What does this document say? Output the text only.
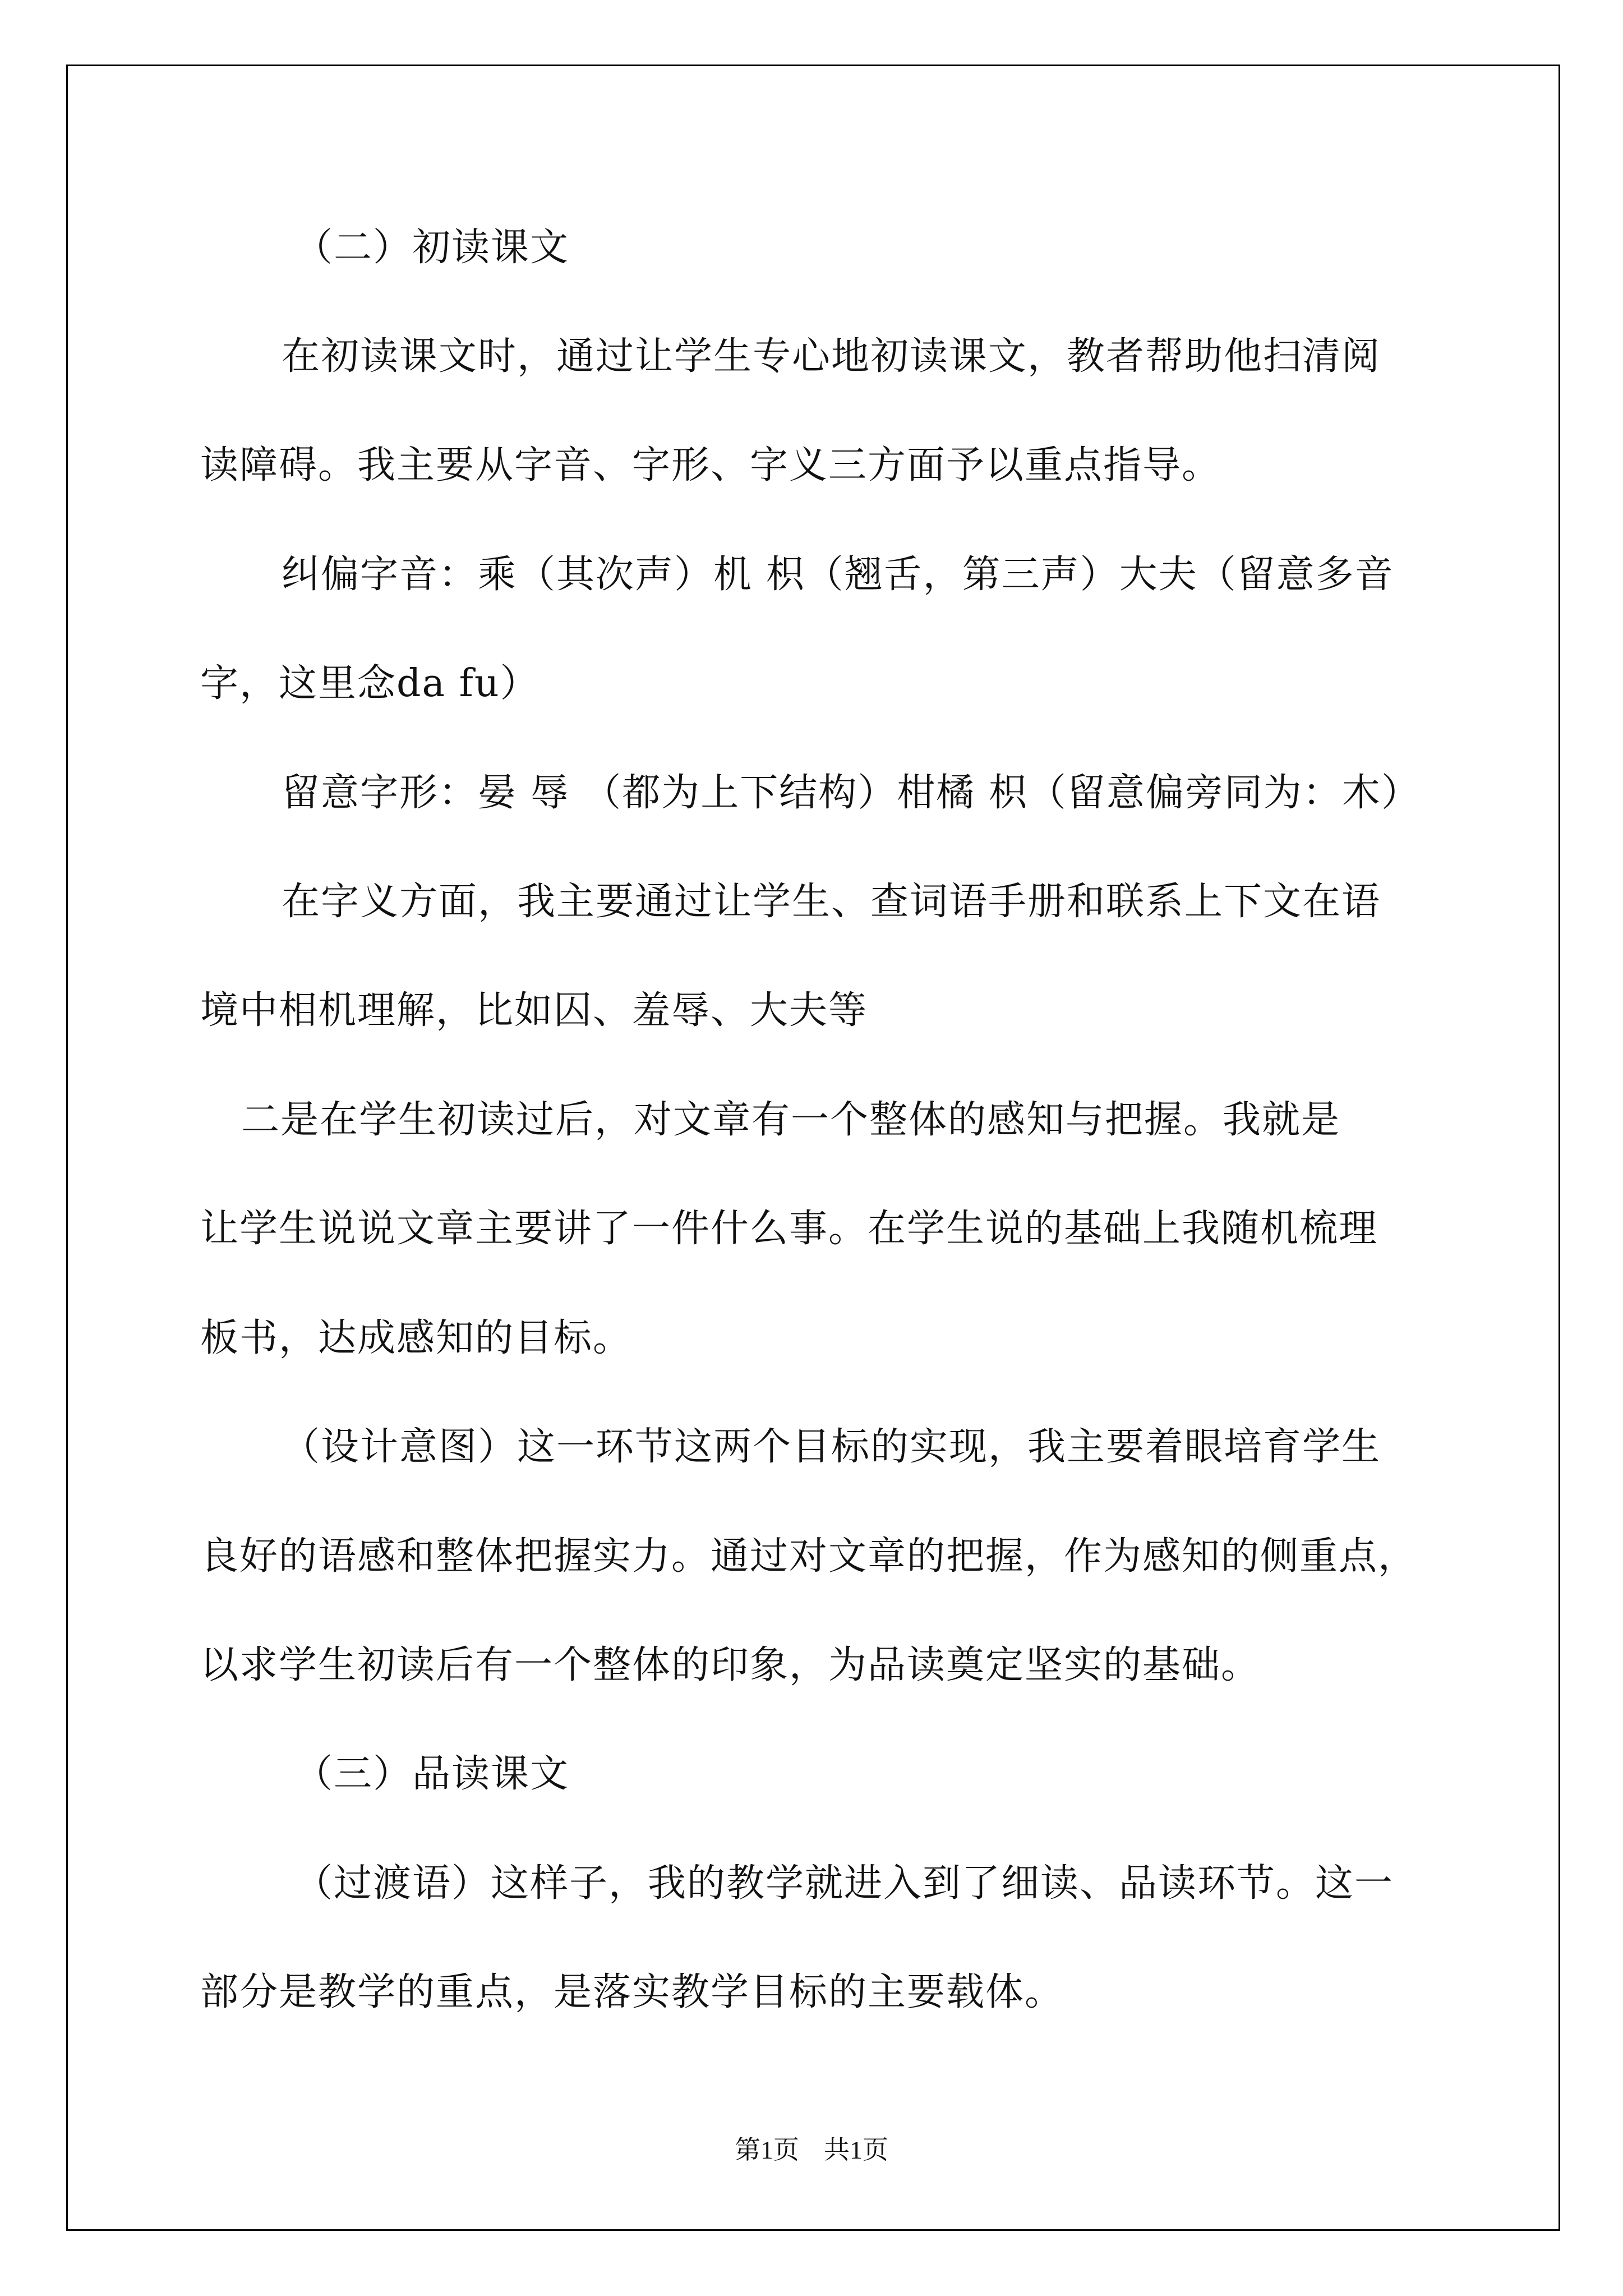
（二）初读课文

在初读课文时，通过让学生专心地初读课文，教者帮助他扫清阅

读障碍。我主要从字音、字形、字义三方面予以重点指导。

纠偏字音：乘（其次声）机 枳（翘舌，第三声）大夫（留意多音

字，这里念da fu）

留意字形：晏 辱 （都为上下结构）柑橘 枳（留意偏旁同为：木）

在字义方面，我主要通过让学生、查词语手册和联系上下文在语

境中相机理解，比如囚、羞辱、大夫等

二是在学生初读过后，对文章有一个整体的感知与把握。我就是

让学生说说文章主要讲了一件什么事。在学生说的基础上我随机梳理

板书，达成感知的目标。

（设计意图）这一环节这两个目标的实现，我主要着眼培育学生

良好的语感和整体把握实力。通过对文章的把握，作为感知的侧重点，

以求学生初读后有一个整体的印象，为品读奠定坚实的基础。

（三）品读课文

（过渡语）这样子，我的教学就进入到了细读、品读环节。这一

部分是教学的重点，是落实教学目标的主要载体。

第1页 共1页
